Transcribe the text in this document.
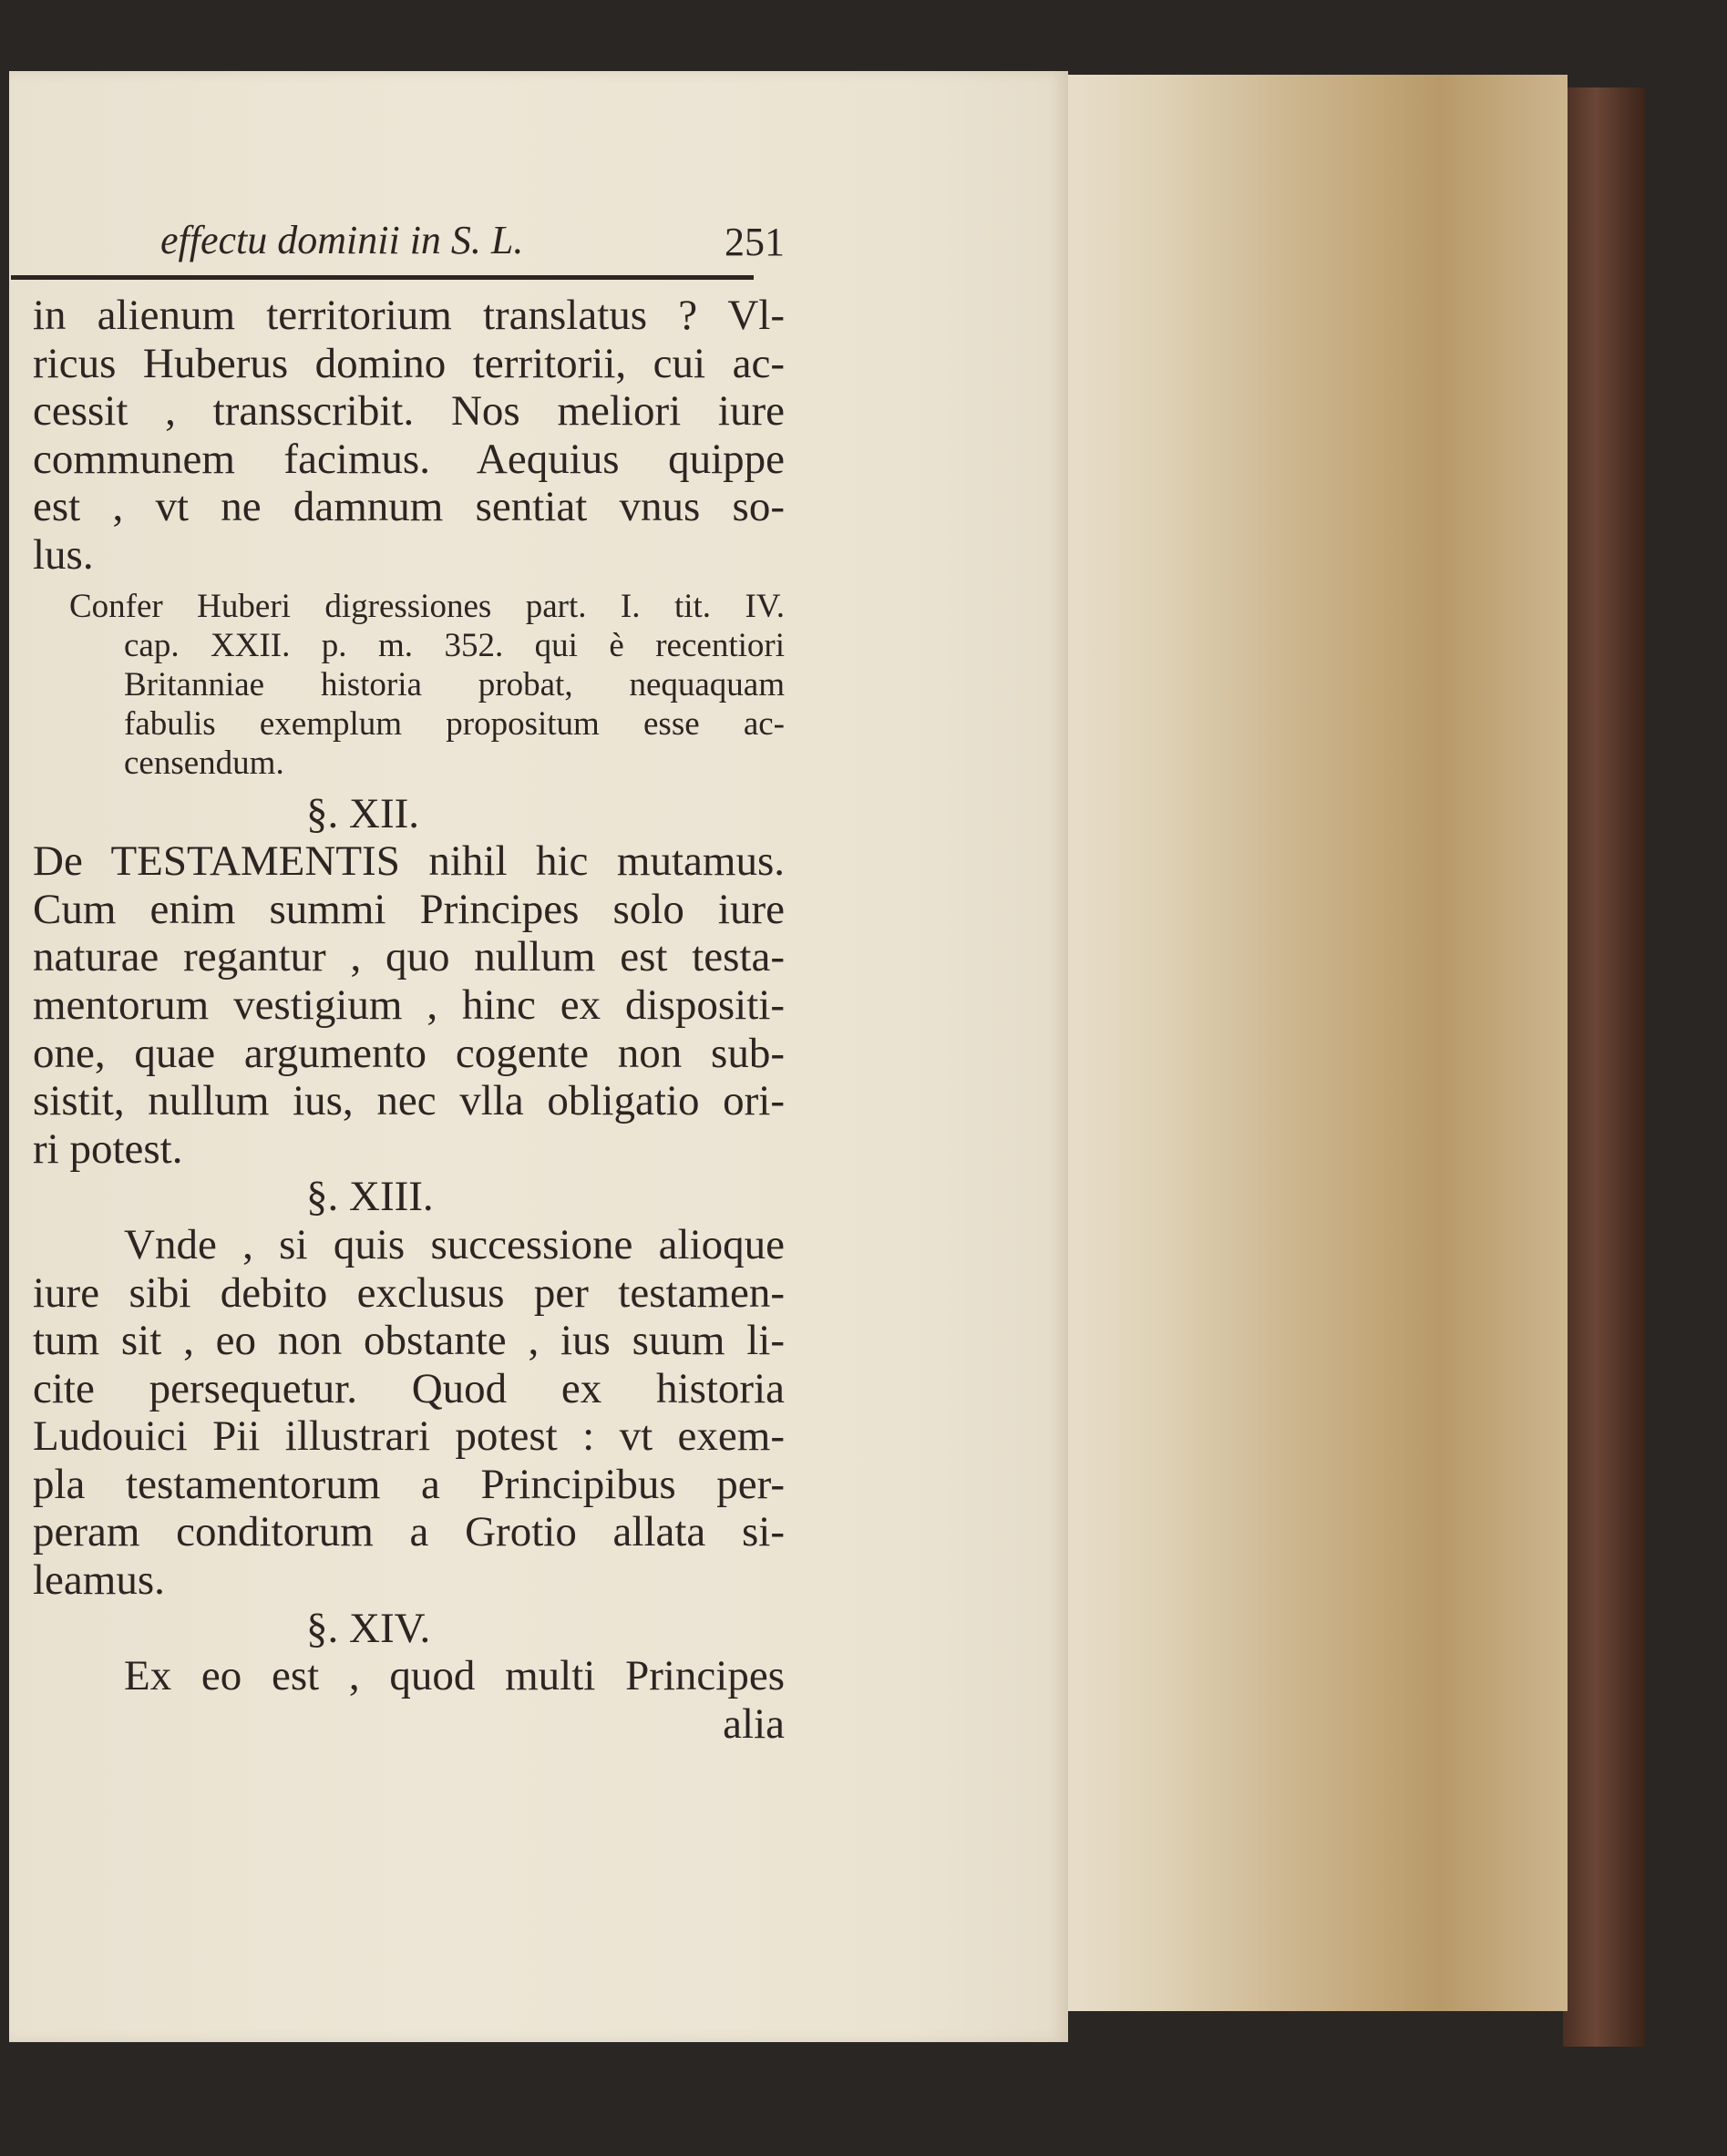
effectu dominii in S. L.	251
in alienum territorium translatus ? Vl-
ricus Huberus domino territorii, cui ac-
cessit , transscribit. Nos meliori iure
communem facimus. Aequius quippe
est , vt ne damnum sentiat vnus so-
lus.
Confer Huberi digressiones part. I. tit. IV.
cap. XXII. p. m. 352. qui è recentiori
Britanniae historia probat, nequaquam
fabulis exemplum propositum esse ac-
censendum.
§. XII.
De TESTAMENTIS nihil hic mutamus.
Cum enim summi Principes solo iure
naturae regantur , quo nullum est testa-
mentorum vestigium , hinc ex dispositi-
one, quae argumento cogente non sub-
sistit, nullum ius, nec vlla obligatio ori-
ri potest.
§. XIII.
Vnde , si quis successione alioque
iure sibi debito exclusus per testamen-
tum sit , eo non obstante , ius suum li-
cite persequetur. Quod ex historia
Ludouici Pii illustrari potest : vt exem-
pla testamentorum a Principibus per-
peram conditorum a Grotio allata si-
leamus.
§. XIV.
Ex eo est , quod multi Principes
alia
